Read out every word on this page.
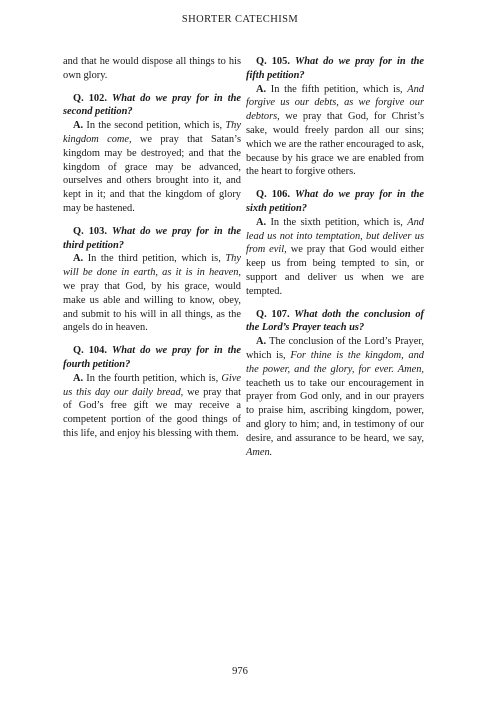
SHORTER CATECHISM

and that he would dispose all things to his own glory.

Q. 102. What do we pray for in the second petition?

A. In the second petition, which is, Thy kingdom come, we pray that Satan’s kingdom may be destroyed; and that the kingdom of grace may be advanced, ourselves and others brought into it, and kept in it; and that the kingdom of glory may be hastened.

Q. 103. What do we pray for in the third petition?

A. In the third petition, which is, Thy will be done in earth, as it is in heaven, we pray that God, by his grace, would make us able and willing to know, obey, and submit to his will in all things, as the angels do in heaven.

Q. 104. What do we pray for in the fourth petition?

A. In the fourth petition, which is, Give us this day our daily bread, we pray that of God’s free gift we may receive a competent portion of the good things of this life, and enjoy his blessing with them.

Q. 105. What do we pray for in the fifth petition?

A. In the fifth petition, which is, And forgive us our debts, as we forgive our debtors, we pray that God, for Christ’s sake, would freely pardon all our sins; which we are the rather encouraged to ask, because by his grace we are enabled from the heart to forgive others.

Q. 106. What do we pray for in the sixth petition?

A. In the sixth petition, which is, And lead us not into temptation, but deliver us from evil, we pray that God would either keep us from being tempted to sin, or support and deliver us when we are tempted.

Q. 107. What doth the conclusion of the Lord’s Prayer teach us?

A. The conclusion of the Lord’s Prayer, which is, For thine is the kingdom, and the power, and the glory, for ever. Amen, teacheth us to take our encouragement in prayer from God only, and in our prayers to praise him, ascribing kingdom, power, and glory to him; and, in testimony of our desire, and assurance to be heard, we say, Amen.

976
